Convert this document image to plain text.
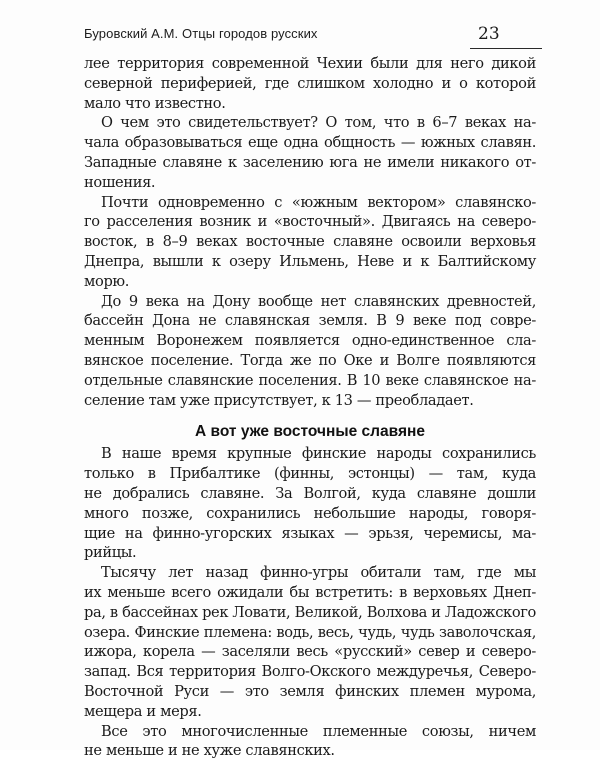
Буровский А.М. Отцы городов русских	23
лее территория современной Чехии были для него дикой
северной периферией, где слишком холодно и о которой
мало что известно.
О чем это свидетельствует? О том, что в 6–7 веках на-
чала образовываться еще одна общность — южных славян.
Западные славяне к заселению юга не имели никакого от-
ношения.
Почти одновременно с «южным вектором» славянско-
го расселения возник и «восточный». Двигаясь на северо-
восток, в 8–9 веках восточные славяне освоили верховья
Днепра, вышли к озеру Ильмень, Неве и к Балтийскому
морю.
До 9 века на Дону вообще нет славянских древностей,
бассейн Дона не славянская земля. В 9 веке под совре-
менным Воронежем появляется одно-единственное сла-
вянское поселение. Тогда же по Оке и Волге появляются
отдельные славянские поселения. В 10 веке славянское на-
селение там уже присутствует, к 13 — преобладает.
А вот уже восточные славяне
В наше время крупные финские народы сохранились
только в Прибалтике (финны, эстонцы) — там, куда
не добрались славяне. За Волгой, куда славяне дошли
много позже, сохранились небольшие народы, говоря-
щие на финно-угорских языках — эрьзя, черемисы, ма-
рийцы.
Тысячу лет назад финно-угры обитали там, где мы
их меньше всего ожидали бы встретить: в верховьях Днеп-
ра, в бассейнах рек Ловати, Великой, Волхова и Ладожского
озера. Финские племена: водь, весь, чудь, чудь заволочская,
ижора, корела — заселяли весь «русский» север и северо-
запад. Вся территория Волго-Окского междуречья, Северо-
Восточной Руси — это земля финских племен мурома,
мещера и меря.
Все это многочисленные племенные союзы, ничем
не меньше и не хуже славянских.
